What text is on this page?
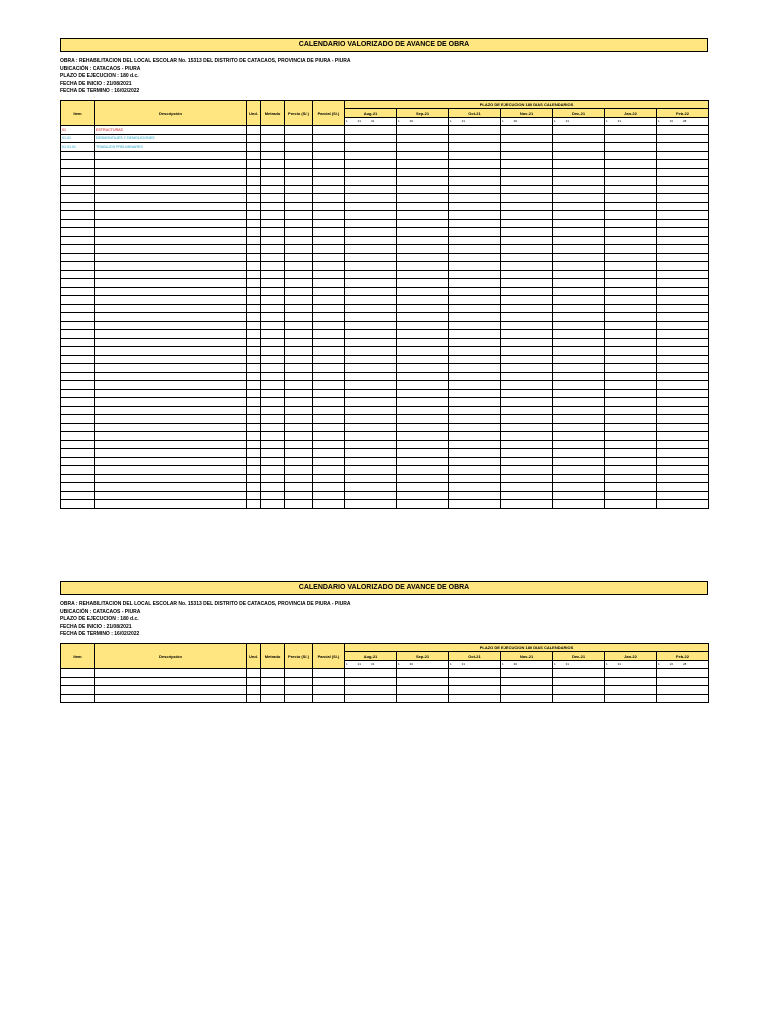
CALENDARIO VALORIZADO DE AVANCE DE OBRA
OBRA : REHABILITACION DEL LOCAL ESCOLAR No. 15313 DEL DISTRITO DE CATACAOS, PROVINCIA DE PIURA - PIURA
UBICACIÓN : CATACAOS - PIURA
PLAZO DE EJECUCION : 180 d.c.
FECHA DE INICIO : 21/08/2021
FECHA DE TERMINO : 16/02/2022
Item	Descripción	Und.	Metrado	Precio (S/.)	Parcial (S/.)	PLAZO DE EJECUCION 180 DIAS CALENDARIOS						
						Aug-21	Sep-21	Oct-21	Nov-21	Dec-21	Jan-22	Feb-22
						1 21 31	1 30	1 31	1 30	1 31	1 31	1 16 28
01	ESTRUCTURAS											
01.01	DESMONTAJES Y DEMOLICIONES											
01.01.01	TRABAJOS PRELIMINARES											

CALENDARIO VALORIZADO DE AVANCE DE OBRA
OBRA : REHABILITACION DEL LOCAL ESCOLAR No. 15313 DEL DISTRITO DE CATACAOS, PROVINCIA DE PIURA - PIURA
UBICACIÓN : CATACAOS - PIURA
PLAZO DE EJECUCION : 180 d.c.
FECHA DE INICIO : 21/08/2021
FECHA DE TERMINO : 16/02/2022
Item	Descripción	Und.	Metrado	Precio (S/.)	Parcial (S/.)	PLAZO DE EJECUCION 180 DIAS CALENDARIOS						
						Aug-21	Sep-21	Oct-21	Nov-21	Dec-21	Jan-22	Feb-22
						1 21 31	1 30	1 31	1 30	1 31	1 31	1 16 28
